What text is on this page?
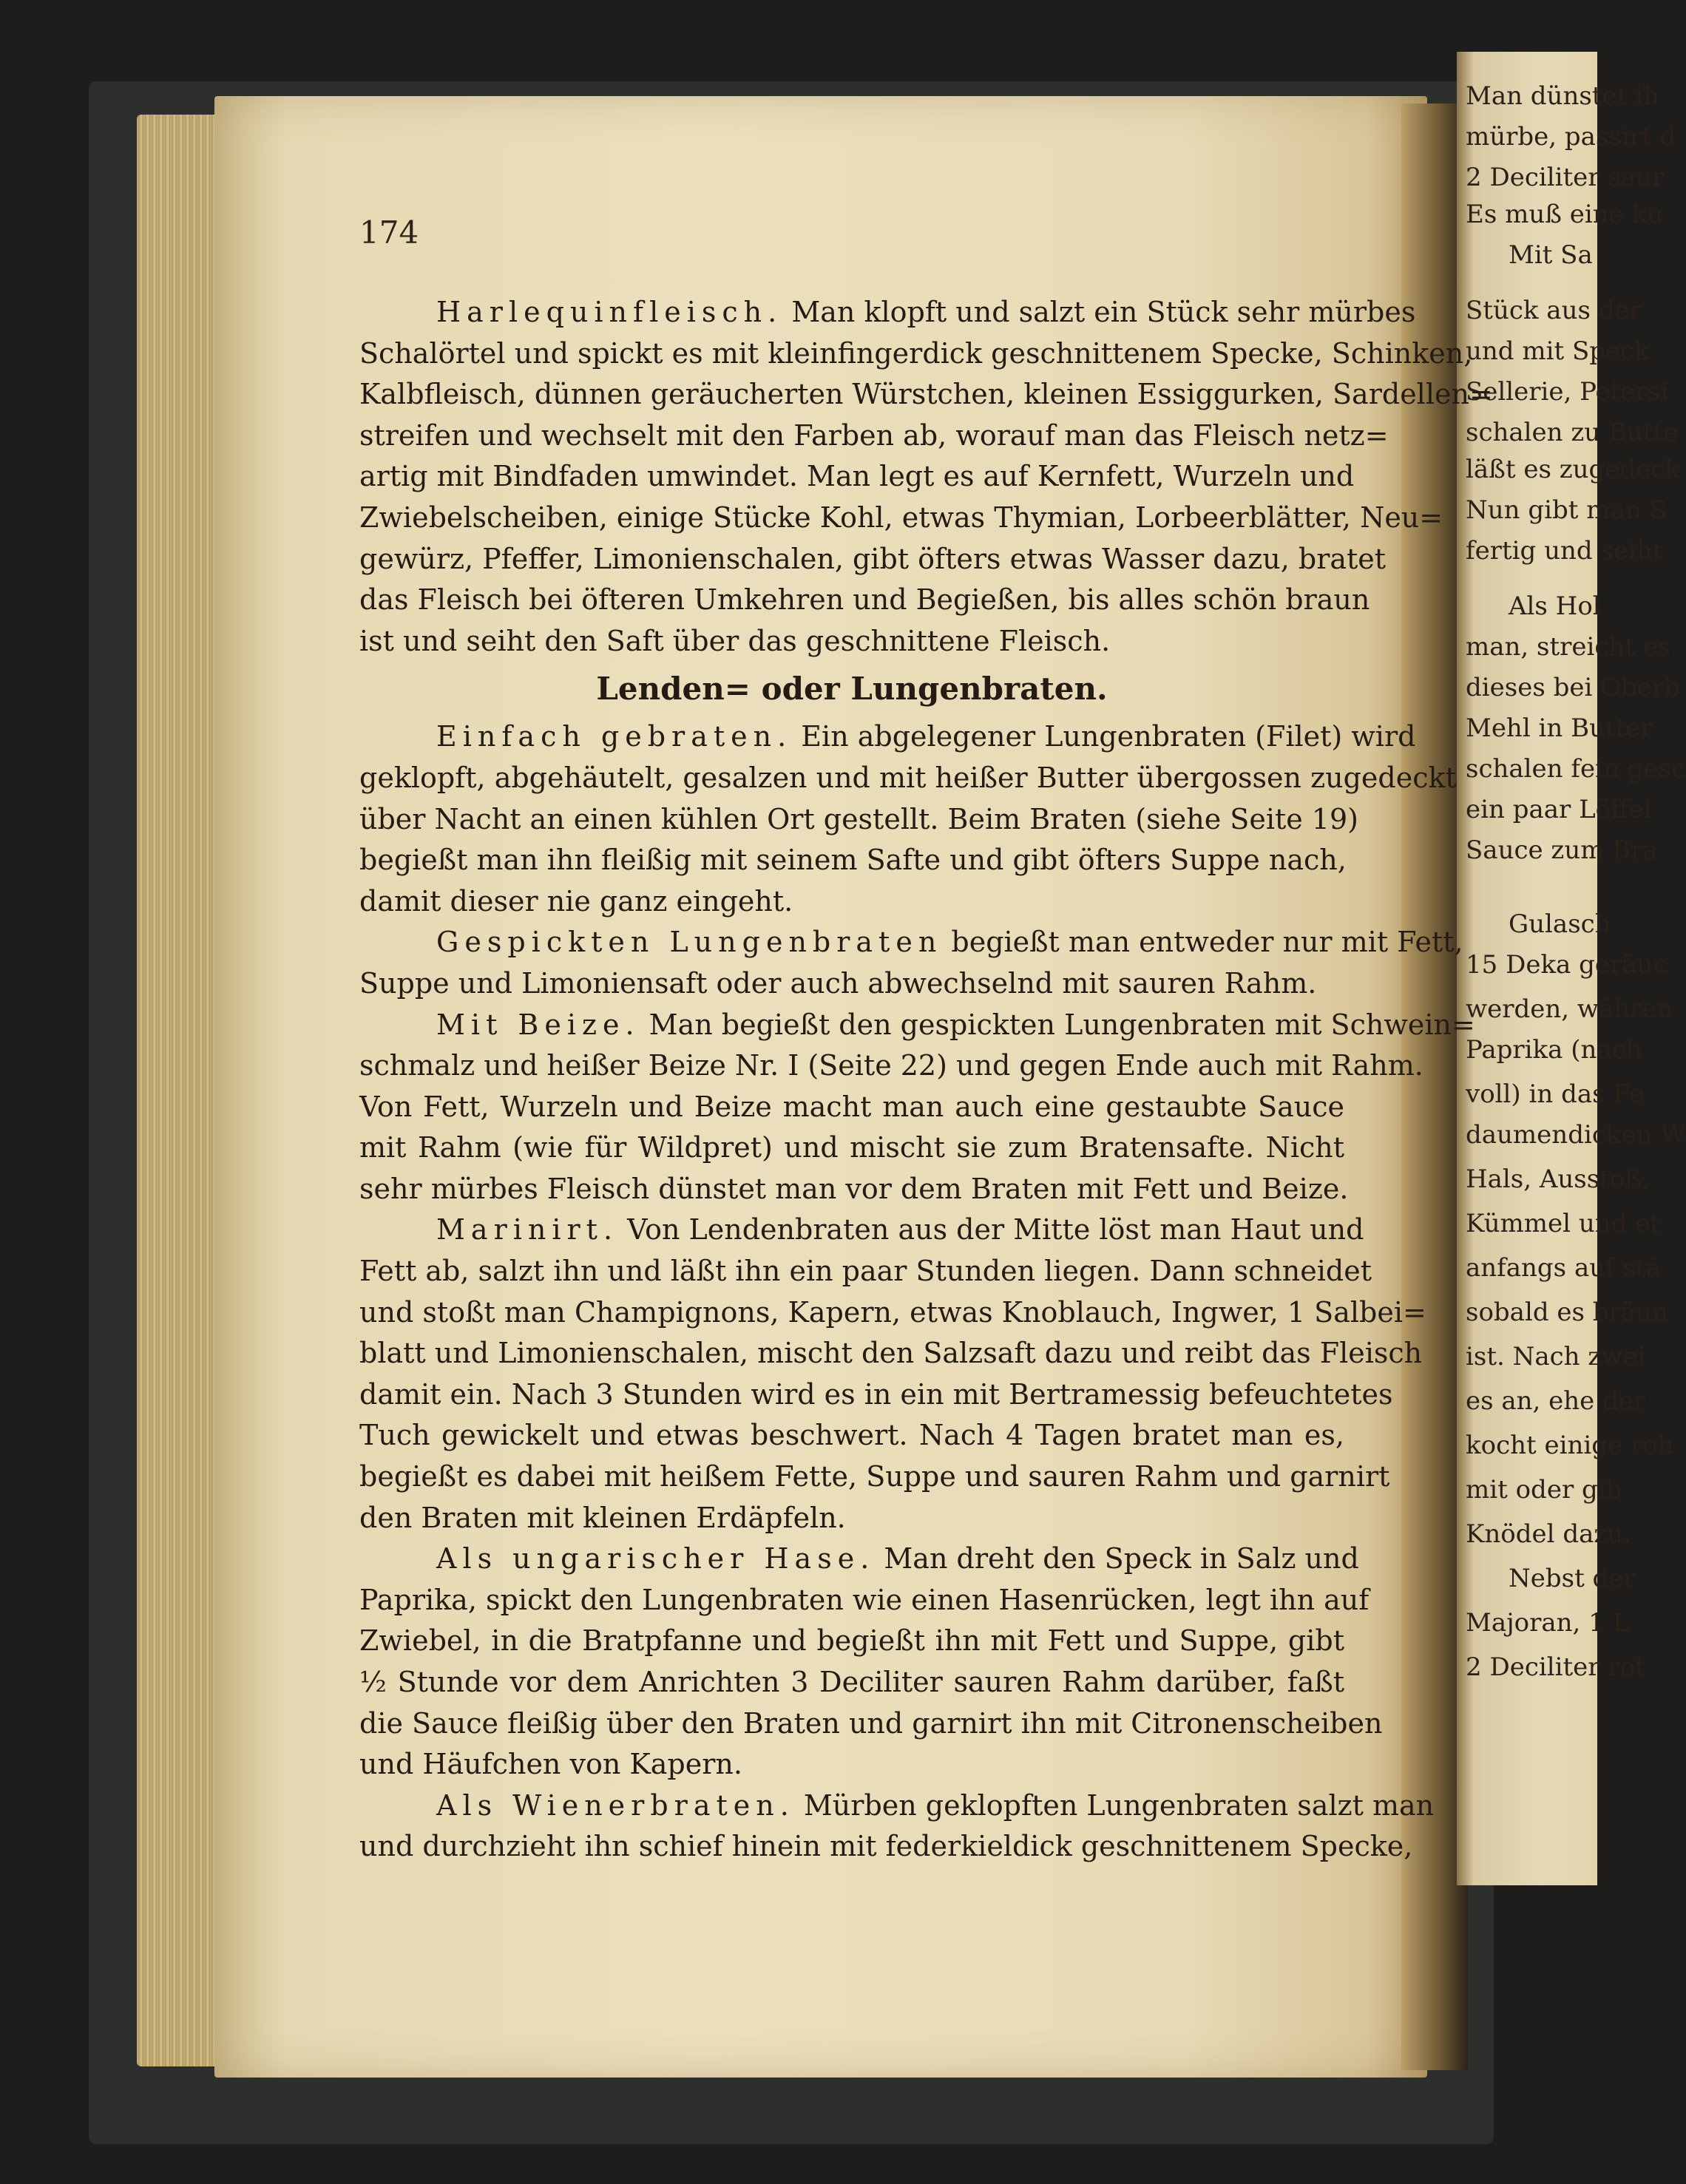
Man dünstet ih
mürbe, passirt d
2 Deciliter saur
Es muß eine ku
Mit Sa
Stück aus der
und mit Speck
Sellerie, Petersi
schalen zu Butte
läßt es zugedeck
Nun gibt man S
fertig und seiht
Als Hol
man, streicht es
dieses bei Oberb
Mehl in Butter
schalen fein gesc
ein paar Löffel
Sauce zum Bra
Gulasch
15 Deka geräuc
werden, währen
Paprika (nach
voll) in das Fe
daumendicken W
Hals, Ausstoß,
Kümmel und et
anfangs auf stä
sobald es bräun
ist. Nach zwei
es an, ehe der
kocht einige roh
mit oder gib
Knödel dazu.
Nebst der
Majoran, 1 L
2 Deciliter rot
174
Harlequinfleisch. Man klopft und salzt ein Stück sehr mürbes
Schalörtel und spickt es mit kleinfingerdick geschnittenem Specke, Schinken,
Kalbfleisch, dünnen geräucherten Würstchen, kleinen Essiggurken, Sardellen=
streifen und wechselt mit den Farben ab, worauf man das Fleisch netz=
artig mit Bindfaden umwindet. Man legt es auf Kernfett, Wurzeln und
Zwiebelscheiben, einige Stücke Kohl, etwas Thymian, Lorbeerblätter, Neu=
gewürz, Pfeffer, Limonienschalen, gibt öfters etwas Wasser dazu, bratet
das Fleisch bei öfteren Umkehren und Begießen, bis alles schön braun
ist und seiht den Saft über das geschnittene Fleisch.
Lenden= oder Lungenbraten.
Einfach gebraten. Ein abgelegener Lungenbraten (Filet) wird
geklopft, abgehäutelt, gesalzen und mit heißer Butter übergossen zugedeckt
über Nacht an einen kühlen Ort gestellt. Beim Braten (siehe Seite 19)
begießt man ihn fleißig mit seinem Safte und gibt öfters Suppe nach,
damit dieser nie ganz eingeht.
Gespickten Lungenbraten begießt man entweder nur mit Fett,
Suppe und Limoniensaft oder auch abwechselnd mit sauren Rahm.
Mit Beize. Man begießt den gespickten Lungenbraten mit Schwein=
schmalz und heißer Beize Nr. I (Seite 22) und gegen Ende auch mit Rahm.
Von Fett, Wurzeln und Beize macht man auch eine gestaubte Sauce
mit Rahm (wie für Wildpret) und mischt sie zum Bratensafte. Nicht
sehr mürbes Fleisch dünstet man vor dem Braten mit Fett und Beize.
Marinirt. Von Lendenbraten aus der Mitte löst man Haut und
Fett ab, salzt ihn und läßt ihn ein paar Stunden liegen. Dann schneidet
und stoßt man Champignons, Kapern, etwas Knoblauch, Ingwer, 1 Salbei=
blatt und Limonienschalen, mischt den Salzsaft dazu und reibt das Fleisch
damit ein. Nach 3 Stunden wird es in ein mit Bertramessig befeuchtetes
Tuch gewickelt und etwas beschwert. Nach 4 Tagen bratet man es,
begießt es dabei mit heißem Fette, Suppe und sauren Rahm und garnirt
den Braten mit kleinen Erdäpfeln.
Als ungarischer Hase. Man dreht den Speck in Salz und
Paprika, spickt den Lungenbraten wie einen Hasenrücken, legt ihn auf
Zwiebel, in die Bratpfanne und begießt ihn mit Fett und Suppe, gibt
½ Stunde vor dem Anrichten 3 Deciliter sauren Rahm darüber, faßt
die Sauce fleißig über den Braten und garnirt ihn mit Citronenscheiben
und Häufchen von Kapern.
Als Wienerbraten. Mürben geklopften Lungenbraten salzt man
und durchzieht ihn schief hinein mit federkieldick geschnittenem Specke,
